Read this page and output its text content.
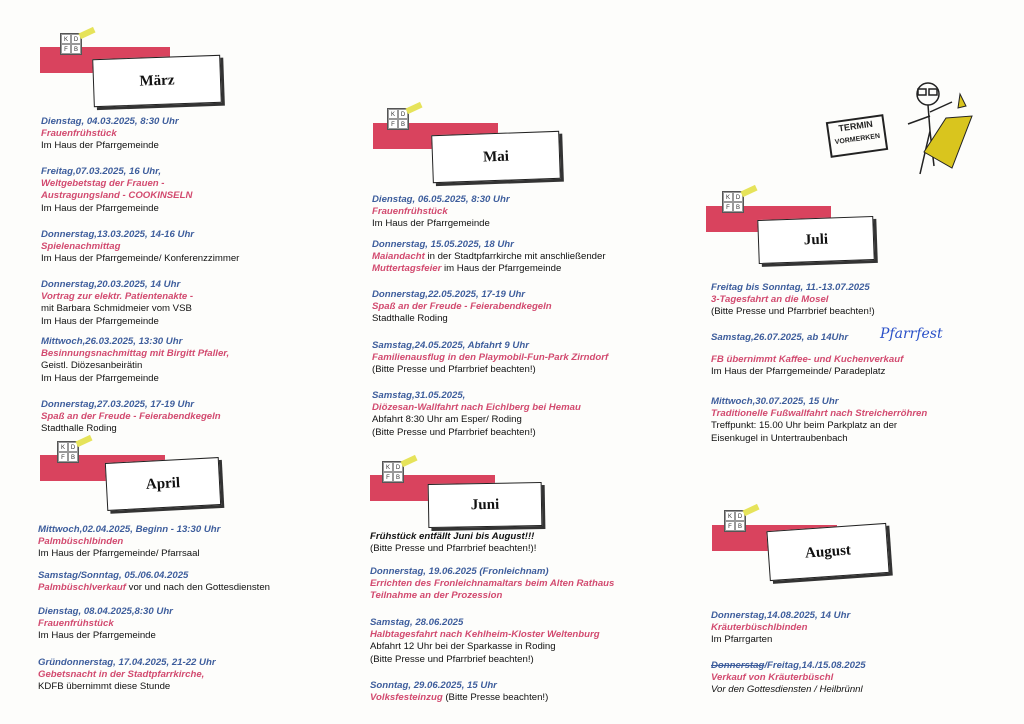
K D
F	B
März
K D
F	B
April
K D
F	B
Mai
K D
F	B
Juni
K D
F	B
Juli
K D
F	B
August
TERMIN
VORMERKEN
Dienstag, 04.03.2025, 8:30 Uhr
Frauenfrühstück
Im Haus der Pfarrgemeinde
Freitag,07.03.2025, 16 Uhr,
Weltgebetstag der Frauen -
Austragungsland - COOKINSELN
Im Haus der Pfarrgemeinde
Donnerstag,13.03.2025, 14-16 Uhr
Spielenachmittag
Im Haus der Pfarrgemeinde/ Konferenzzimmer
Donnerstag,20.03.2025, 14 Uhr
Vortrag zur elektr. Patientenakte -
mit Barbara Schmidmeier vom VSB
Im Haus der Pfarrgemeinde
Mittwoch,26.03.2025, 13:30 Uhr
Besinnungsnachmittag mit Birgitt Pfaller,
Geistl. Diözesanbeirätin
Im Haus der Pfarrgemeinde
Donnerstag,27.03.2025, 17-19 Uhr
Spaß an der Freude - Feierabendkegeln
Stadthalle Roding
Mittwoch,02.04.2025, Beginn - 13:30 Uhr
Palmbüschlbinden
Im Haus der Pfarrgemeinde/ Pfarrsaal
Samstag/Sonntag, 05./06.04.2025
Palmbüschlverkauf vor und nach den Gottesdiensten
Dienstag, 08.04.2025,8:30 Uhr
Frauenfrühstück
Im Haus der Pfarrgemeinde
Gründonnerstag, 17.04.2025, 21-22 Uhr
Gebetsnacht in der Stadtpfarrkirche,
KDFB übernimmt diese Stunde
Dienstag, 06.05.2025, 8:30 Uhr
Frauenfrühstück
Im Haus der Pfarrgemeinde
Donnerstag, 15.05.2025, 18 Uhr
Maiandacht in der Stadtpfarrkirche mit anschließender
Muttertagsfeier im Haus der Pfarrgemeinde
Donnerstag,22.05.2025, 17-19 Uhr
Spaß an der Freude - Feierabendkegeln
Stadthalle Roding
Samstag,24.05.2025, Abfahrt 9 Uhr
Familienausflug in den Playmobil-Fun-Park Zirndorf
(Bitte Presse und Pfarrbrief beachten!)
Samstag,31.05.2025,
Diözesan-Wallfahrt nach Eichlberg bei Hemau
Abfahrt 8:30 Uhr am Esper/ Roding
(Bitte Presse und Pfarrbrief beachten!)
Frühstück entfällt Juni bis August!!!
(Bitte Presse und Pfarrbrief beachten!)!
Donnerstag, 19.06.2025 (Fronleichnam)
Errichten des Fronleichnamaltars beim Alten Rathaus
Teilnahme an der Prozession
Samstag, 28.06.2025
Halbtagesfahrt nach Kehlheim-Kloster Weltenburg
Abfahrt 12 Uhr bei der Sparkasse in Roding
(Bitte Presse und Pfarrbrief beachten!)
Sonntag, 29.06.2025, 15 Uhr
Volksfesteinzug (Bitte Presse beachten!)
Freitag bis Sonntag, 11.-13.07.2025
3-Tagesfahrt an die Mosel
(Bitte Presse und Pfarrbrief beachten!)
Samstag,26.07.2025, ab 14Uhr
FB übernimmt Kaffee- und Kuchenverkauf
Im Haus der Pfarrgemeinde/ Paradeplatz
Pfarrfest
Mittwoch,30.07.2025, 15 Uhr
Traditionelle Fußwallfahrt nach Streicherröhren
Treffpunkt: 15.00 Uhr beim Parkplatz an der
Eisenkugel in Untertraubenbach
Donnerstag,14.08.2025, 14 Uhr
Kräuterbüschlbinden
Im Pfarrgarten
Donnerstag/Freitag,14./15.08.2025
Verkauf von Kräuterbüschl
Vor den Gottesdiensten / Heilbrünnl
